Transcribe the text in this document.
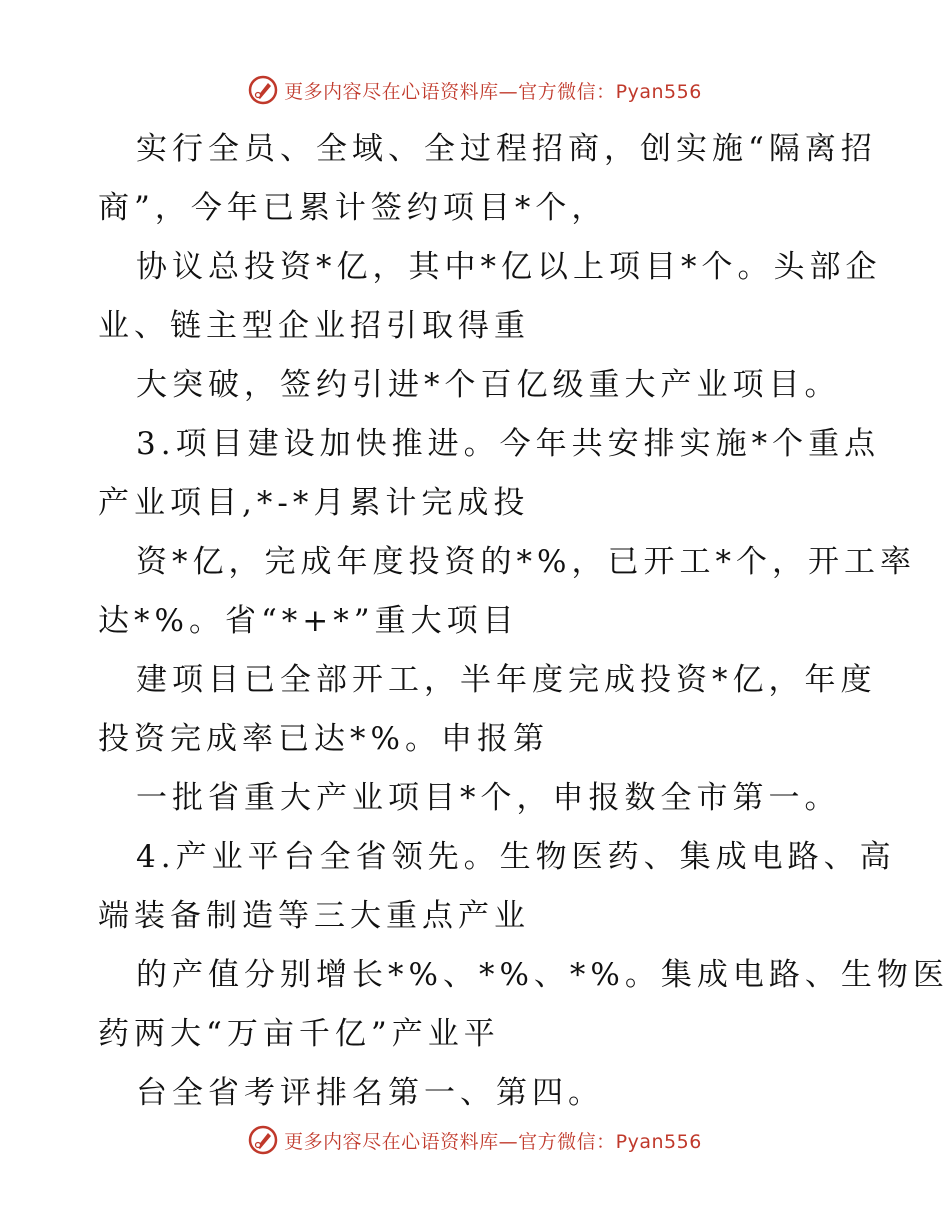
更多内容尽在心语资料库—官方微信：Pyan556

实行全员、全域、全过程招商，创实施“隔离招

商”，今年已累计签约项目*个，

协议总投资*亿，其中*亿以上项目*个。头部企

业、链主型企业招引取得重

大突破，签约引进*个百亿级重大产业项目。

3.项目建设加快推进。今年共安排实施*个重点

产业项目,*-*月累计完成投

资*亿，完成年度投资的*%，已开工*个，开工率

达*%。省“*+*”重大项目

建项目已全部开工，半年度完成投资*亿，年度

投资完成率已达*%。申报第

一批省重大产业项目*个，申报数全市第一。

4.产业平台全省领先。生物医药、集成电路、高

端装备制造等三大重点产业

的产值分别增长*%、*%、*%。集成电路、生物医

药两大“万亩千亿”产业平

台全省考评排名第一、第四。

更多内容尽在心语资料库—官方微信：Pyan556
